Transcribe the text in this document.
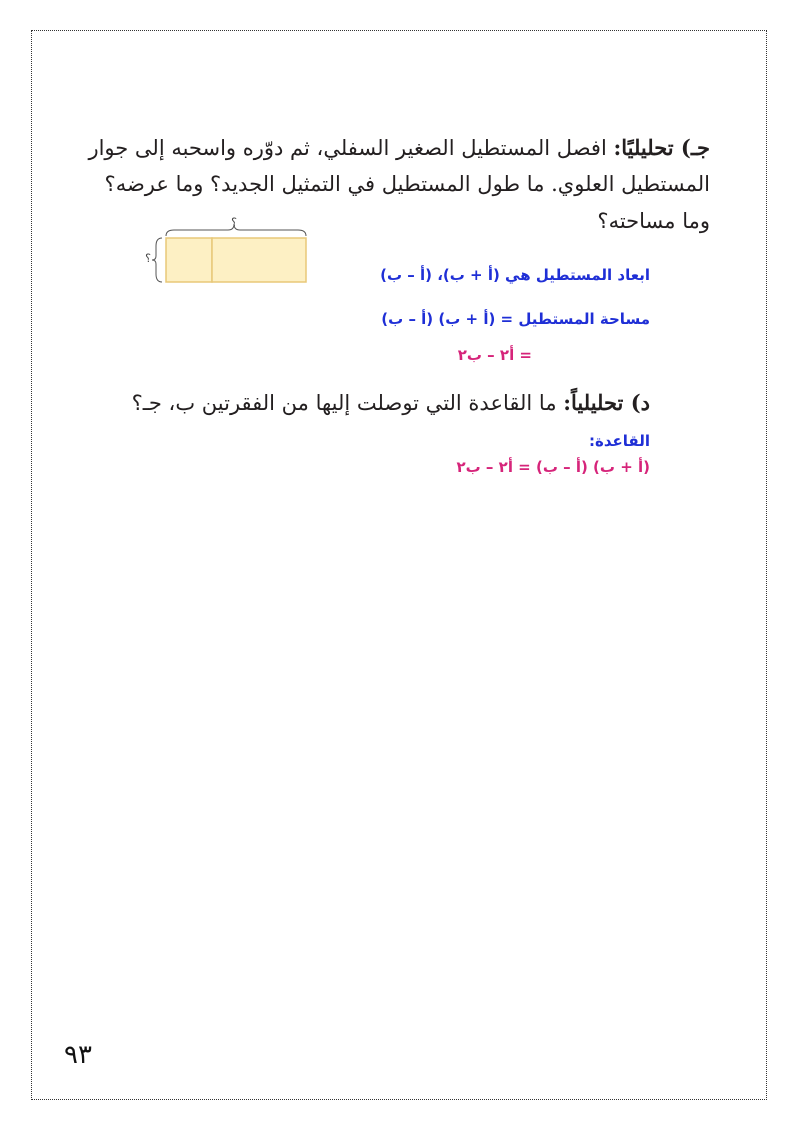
جـ) تحليليًا: افصل المستطيل الصغير السفلي، ثم دوّره واسحبه إلى جوار
المستطيل العلوي. ما طول المستطيل في التمثيل الجديد؟ وما عرضه؟
وما مساحته؟
؟
؟
ابعاد المستطيل هي (أ + ب)، (أ – ب)
مساحة المستطيل = (أ + ب) (أ – ب)
= أ٢ – ب٢
د) تحليلياً: ما القاعدة التي توصلت إليها من الفقرتين ب، جـ؟
القاعدة:
(أ + ب) (أ – ب) = أ٢ – ب٢
٩٣
